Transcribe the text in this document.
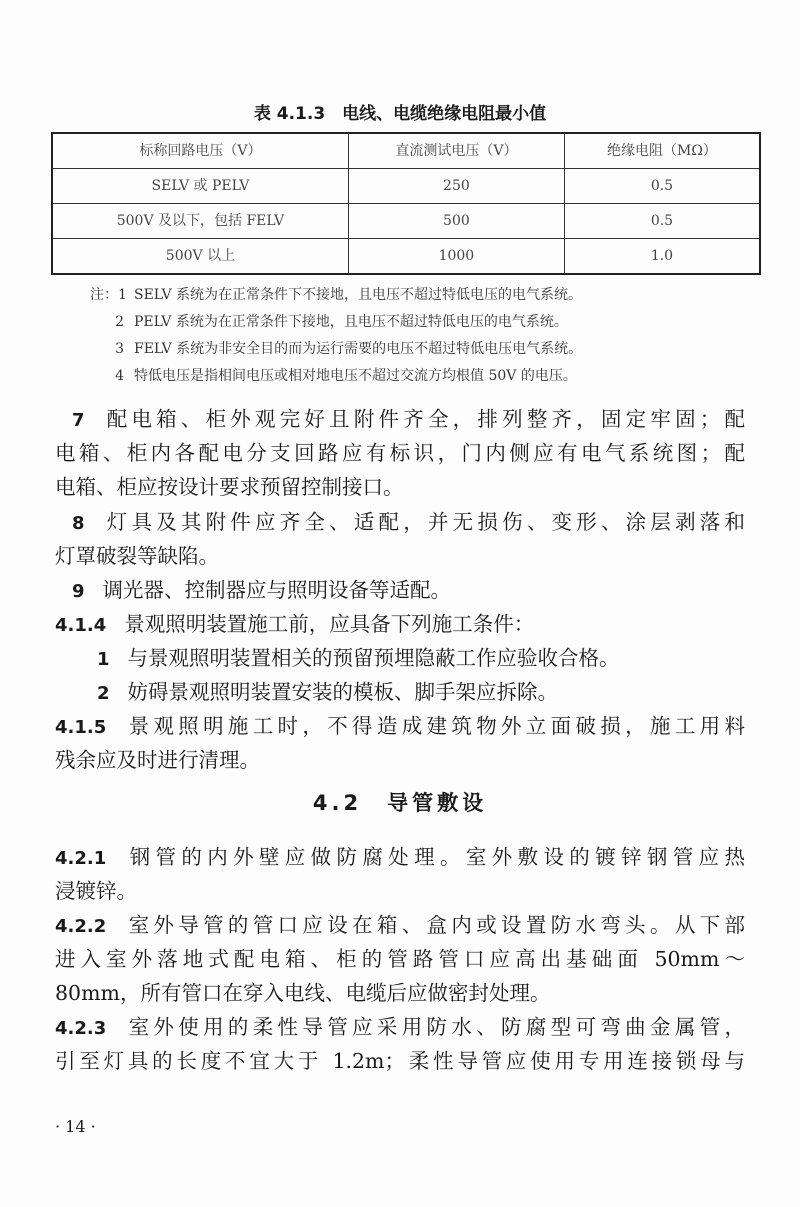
表 4.1.3　电线、电缆绝缘电阻最小值
标称回路电压（V）	直流测试电压（V）	绝缘电阻（MΩ）
SELV 或 PELV	250	0.5
500V 及以下，包括 FELV	500	0.5
500V 以上	1000	1.0
注：1 SELV 系统为在正常条件下不接地，且电压不超过特低电压的电气系统。
2 PELV 系统为在正常条件下接地，且电压不超过特低电压的电气系统。
3 FELV 系统为非安全目的而为运行需要的电压不超过特低电压电气系统。
4 特低电压是指相间电压或相对地电压不超过交流方均根值 50V 的电压。
7 配电箱、柜外观完好且附件齐全，排列整齐，固定牢固；配
电箱、柜内各配电分支回路应有标识，门内侧应有电气系统图；配
电箱、柜应按设计要求预留控制接口。
8 灯具及其附件应齐全、适配，并无损伤、变形、涂层剥落和
灯罩破裂等缺陷。
9 调光器、控制器应与照明设备等适配。
4.1.4 景观照明装置施工前，应具备下列施工条件：
1 与景观照明装置相关的预留预埋隐蔽工作应验收合格。
2 妨碍景观照明装置安装的模板、脚手架应拆除。
4.1.5 景观照明施工时，不得造成建筑物外立面破损，施工用料
残余应及时进行清理。
4.2　导管敷设
4.2.1 钢管的内外壁应做防腐处理。室外敷设的镀锌钢管应热
浸镀锌。
4.2.2 室外导管的管口应设在箱、盒内或设置防水弯头。从下部
进入室外落地式配电箱、柜的管路管口应高出基础面 50mm～
80mm，所有管口在穿入电线、电缆后应做密封处理。
4.2.3 室外使用的柔性导管应采用防水、防腐型可弯曲金属管，
引至灯具的长度不宜大于 1.2m；柔性导管应使用专用连接锁母与
· 14 ·
